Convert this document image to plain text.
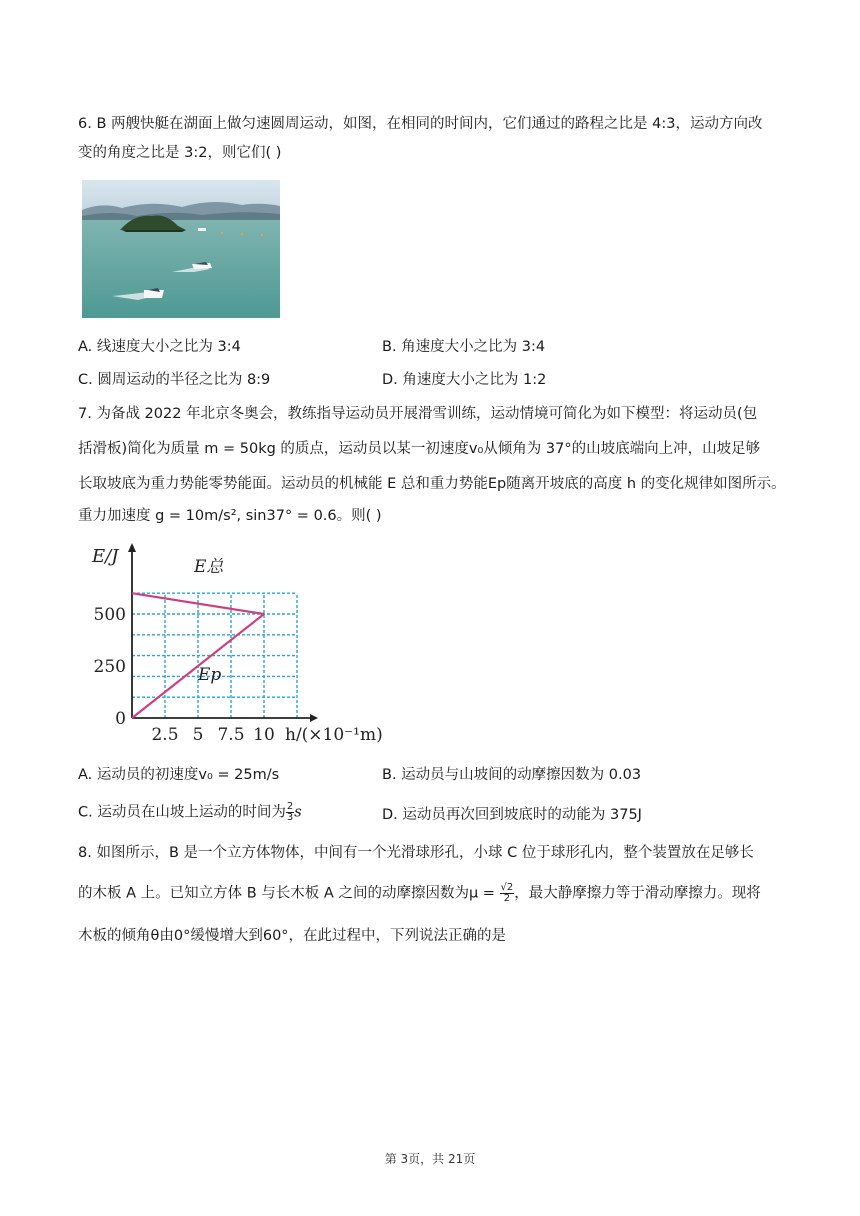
6. B 两艘快艇在湖面上做匀速圆周运动，如图，在相同的时间内，它们通过的路程之比是 4:3，运动方向改
变的角度之比是 3:2，则它们( )
A. 线速度大小之比为 3:4	B. 角速度大小之比为 3:4
C. 圆周运动的半径之比为 8:9	D. 角速度大小之比为 1:2
7. 为备战 2022 年北京冬奥会，教练指导运动员开展滑雪训练，运动情境可简化为如下模型：将运动员(包
括滑板)简化为质量 m = 50kg 的质点，运动员以某一初速度v₀从倾角为 37°的山坡底端向上冲，山坡足够
长取坡底为重力势能零势能面。运动员的机械能 E 总和重力势能Ep随离开坡底的高度 h 的变化规律如图所示。
重力加速度 g = 10m/s², sin37° = 0.6。则( )
E总
Ep
0
250
500
2.5 5 7.5 10
E/J
h/(×10⁻¹m)
A. 运动员的初速度v₀ = 25m/s	B. 运动员与山坡间的动摩擦因数为 0.03
C. 运动员在山坡上运动的时间为 $\frac{2}{3}$ s	D. 运动员再次回到坡底时的动能为 375J
8. 如图所示，B 是一个立方体物体，中间有一个光滑球形孔，小球 C 位于球形孔内，整个装置放在足够长
的木板 A 上。已知立方体 B 与长木板 A 之间的动摩擦因数为$\mu = \frac{√2}{2}$ ，最大静摩擦力等于滑动摩擦力。现将
木板的倾角θ由0°缓慢增大到60°，在此过程中，下列说法正确的是
第 3页，共 21页
